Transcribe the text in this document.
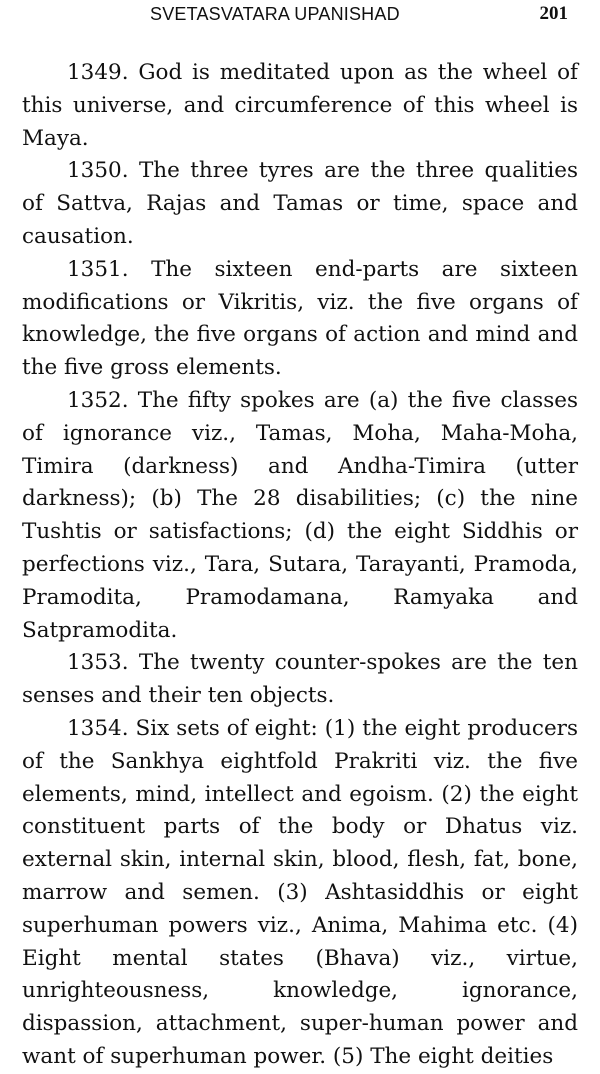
SVETASVATARA UPANISHAD	201

1349. God is meditated upon as the wheel of this universe, and circumference of this wheel is Maya.

1350. The three tyres are the three qualities of Sattva, Rajas and Tamas or time, space and causation.

1351. The sixteen end-parts are sixteen modifications or Vikritis, viz. the five organs of knowledge, the five organs of action and mind and the five gross elements.

1352. The fifty spokes are (a) the five classes of ignorance viz., Tamas, Moha, Maha-Moha, Timira (darkness) and Andha-Timira (utter darkness); (b) The 28 disabilities; (c) the nine Tushtis or satisfactions; (d) the eight Siddhis or perfections viz., Tara, Sutara, Tarayanti, Pramoda, Pramodita, Pramodamana, Ramyaka and Satpramodita.

1353. The twenty counter-spokes are the ten senses and their ten objects.

1354. Six sets of eight: (1) the eight producers of the Sankhya eightfold Prakriti viz. the five elements, mind, intellect and egoism. (2) the eight constituent parts of the body or Dhatus viz. external skin, internal skin, blood, flesh, fat, bone, marrow and semen. (3) Ashtasiddhis or eight superhuman powers viz., Anima, Mahima etc. (4) Eight mental states (Bhava) viz., virtue, unrighteousness, knowledge, ignorance, dispassion, attachment, super-human power and want of superhuman power. (5) The eight deities
